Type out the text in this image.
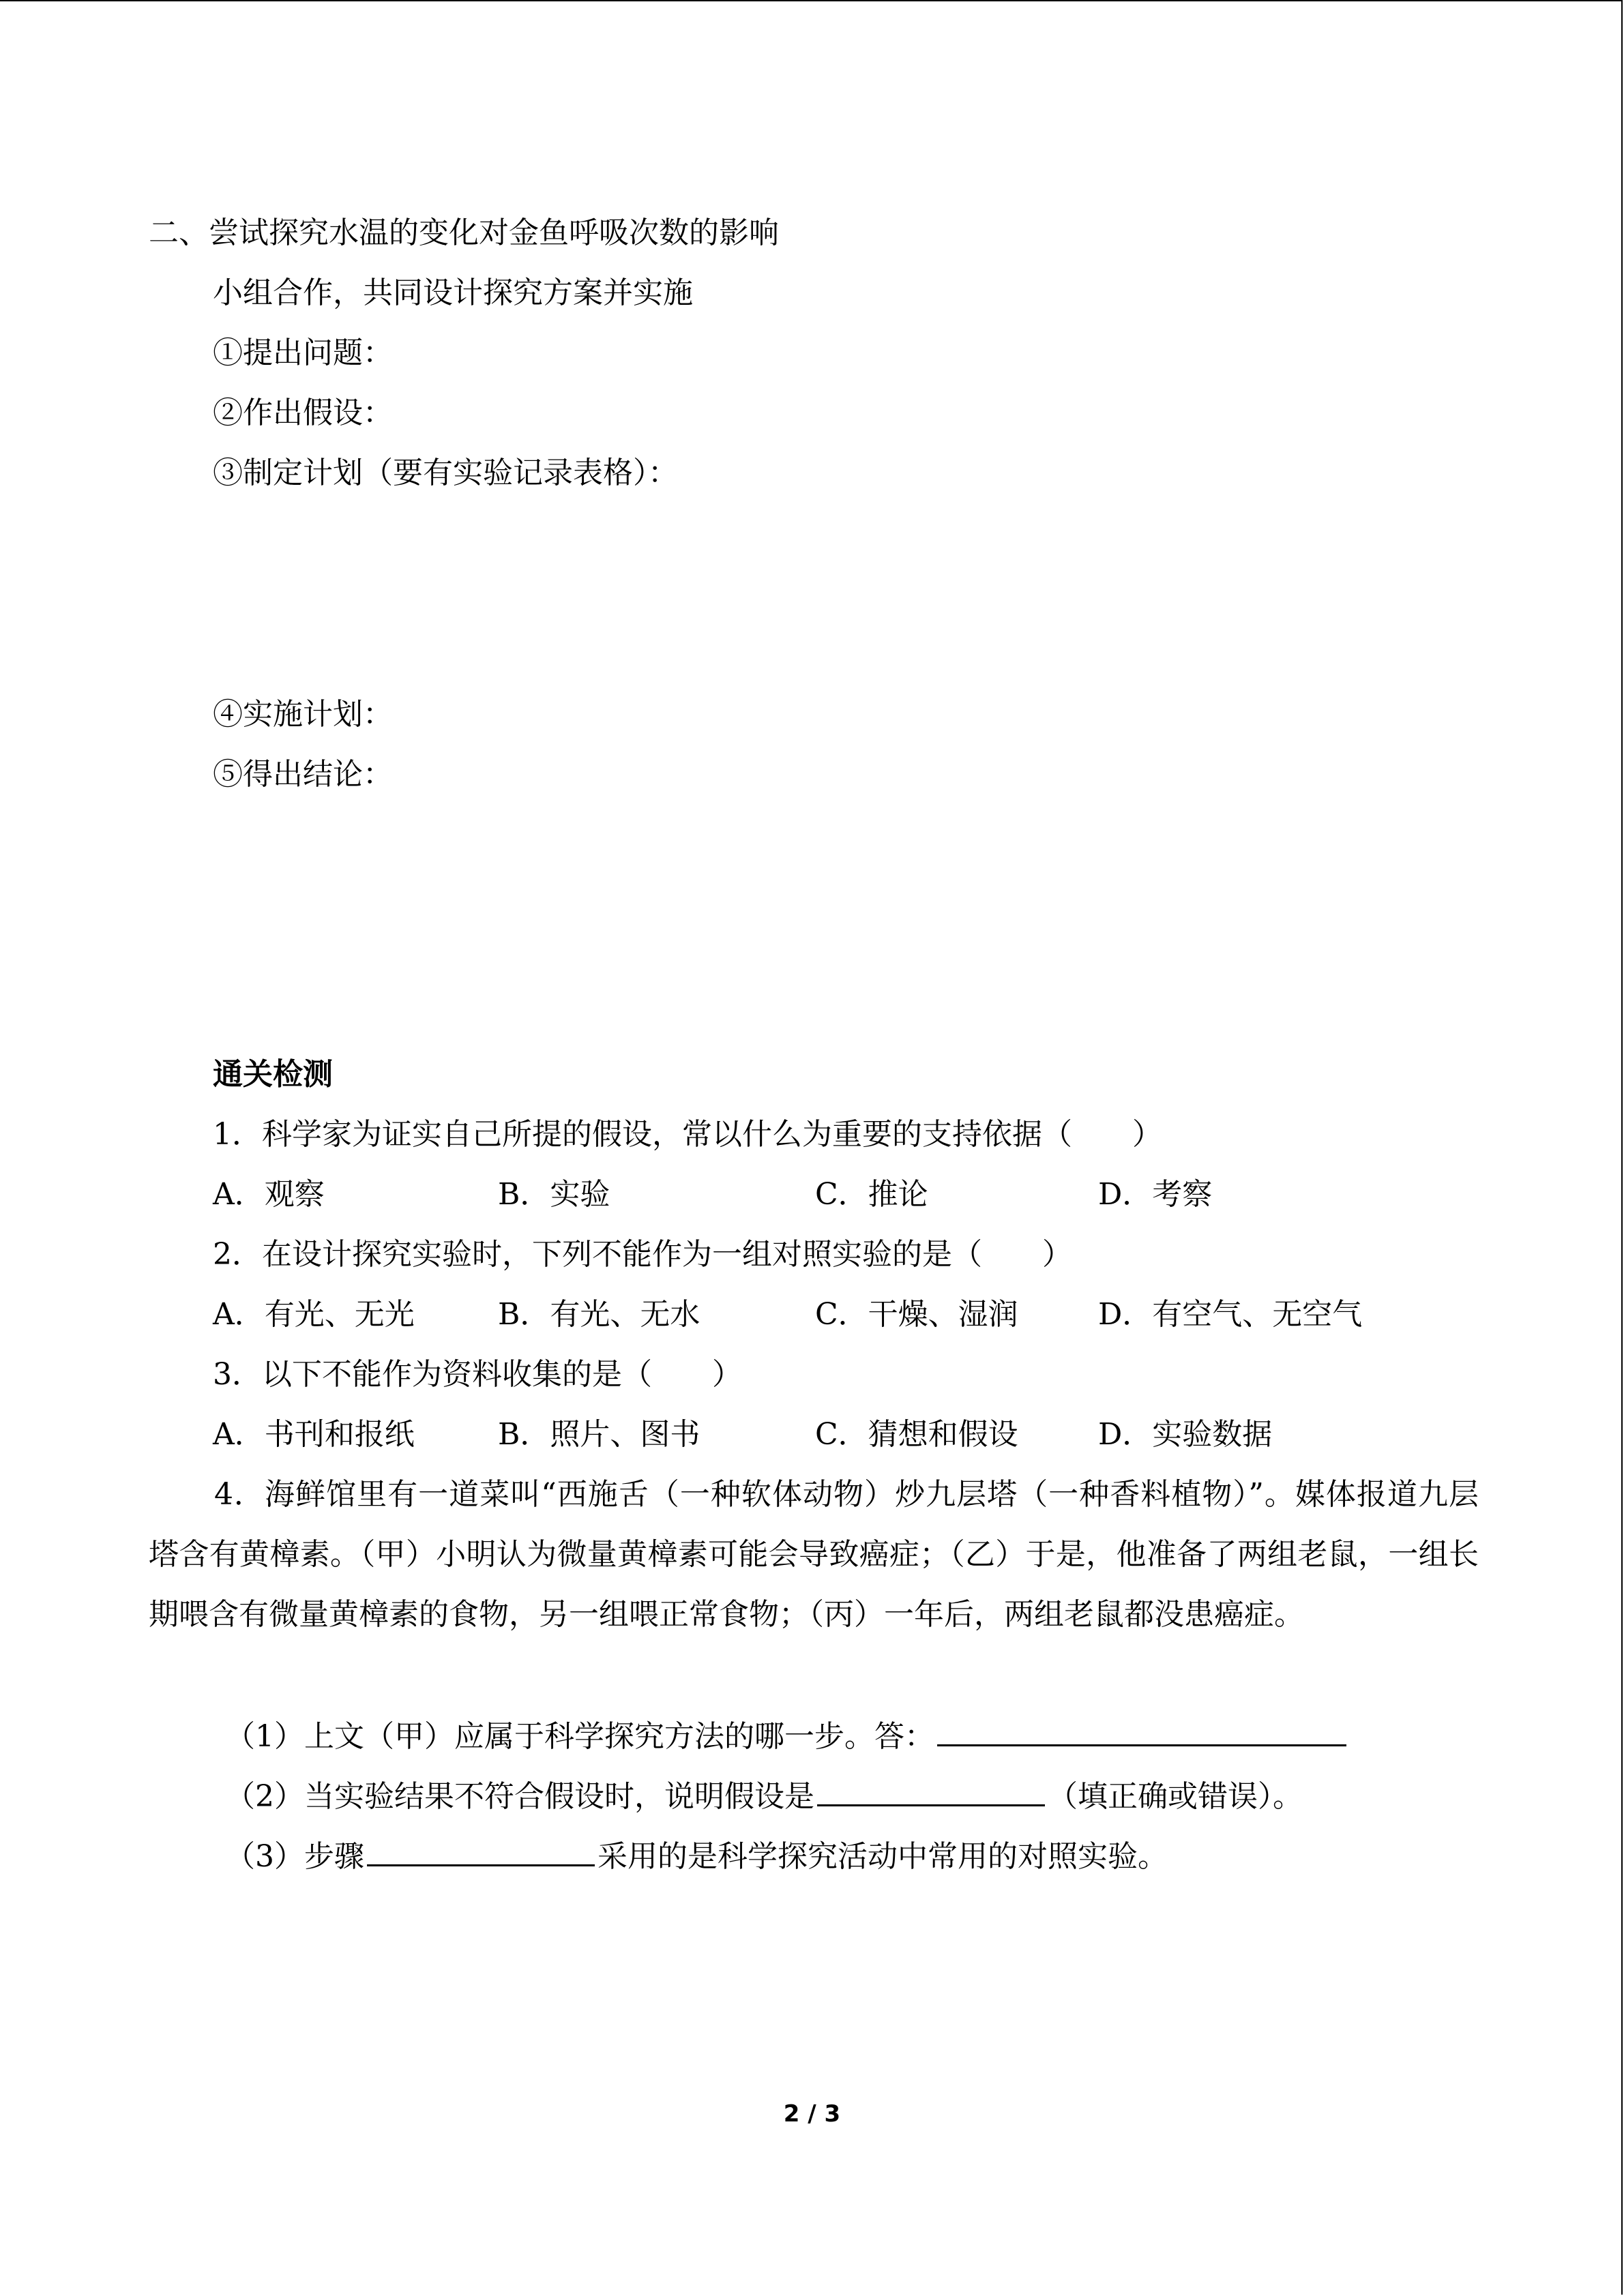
二、尝试探究水温的变化对金鱼呼吸次数的影响
小组合作，共同设计探究方案并实施
①提出问题：
②作出假设：
③制定计划（要有实验记录表格）：
④实施计划：
⑤得出结论：
通关检测
1．科学家为证实自己所提的假设，常以什么为重要的支持依据（　　）
A．观察	B．实验	C．推论	D．考察
2．在设计探究实验时，下列不能作为一组对照实验的是（　　）
A．有光、无光	B．有光、无水	C．干燥、湿润	D．有空气、无空气
3．以下不能作为资料收集的是（　　）
A．书刊和报纸	B．照片、图书	C．猜想和假设	D．实验数据
4．海鲜馆里有一道菜叫“西施舌（一种软体动物）炒九层塔（一种香料植物）”。媒体报道九层塔含有黄樟素。（甲）小明认为微量黄樟素可能会导致癌症；（乙）于是，他准备了两组老鼠，一组长期喂含有微量黄樟素的食物，另一组喂正常食物；（丙）一年后，两组老鼠都没患癌症。
（1）上文（甲）应属于科学探究方法的哪一步。答：
（2）当实验结果不符合假设时，说明假设是	（填正确或错误）。
（3）步骤	采用的是科学探究活动中常用的对照实验。
2 / 3
